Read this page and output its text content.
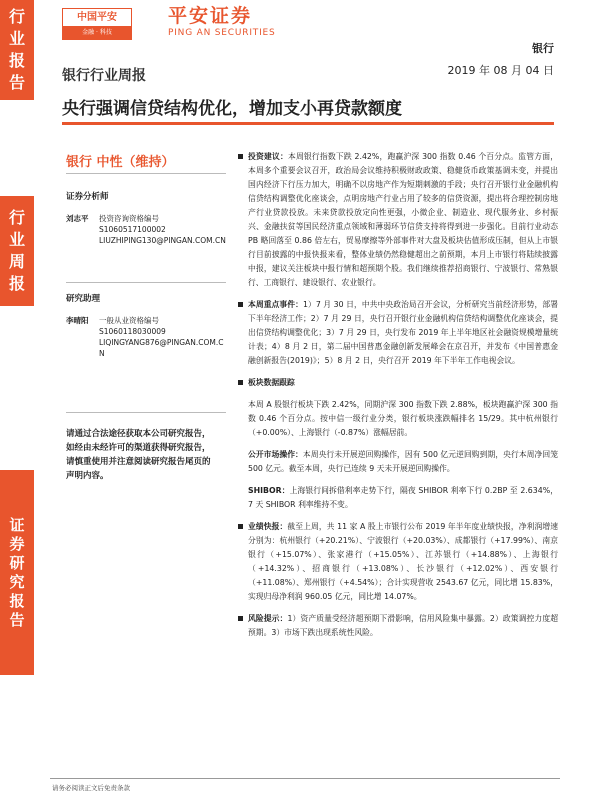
行
业
报
告
行
业
周
报
证
券
研
究
报
告
中国平安
金融 · 科技
平安证券
PING AN SECURITIES
银行
银行行业周报	2019 年 08 月 04 日
央行强调信贷结构优化，增加支小再贷款额度
银行 中性（维持）
证券分析师
刘志平	投资咨询资格编号
S1060517100002
LIUZHIPING130@PINGAN.COM.CN
研究助理
李晴阳	一般从业资格编号
S1060118030009
LIQINGYANG876@PINGAN.COM.C
N
请通过合法途径获取本公司研究报告，如经由未经许可的渠道获得研究报告，请慎重使用并注意阅读研究报告尾页的声明内容。
投资建议：本周银行指数下跌 2.42%，跑赢沪深 300 指数 0.46 个百分点。监管方面，本周多个重要会议召开，政治局会议维持积极财政政策、稳健货币政策基调未变，并提出国内经济下行压力加大，明确不以房地产作为短期刺激的手段；央行召开银行业金融机构信贷结构调整优化座谈会，点明房地产行业占用了较多的信贷资源，提出将合理控制房地产行业贷款投放。未来贷款投放定向性更强，小微企业、制造业、现代服务业、乡村振兴、金融扶贫等国民经济重点领域和薄弱环节信贷支持将得到进一步强化。目前行业动态 PB 略回落至 0.86 倍左右，贸易摩擦等外部事件对大盘及板块估值形成压制，但从上市银行目前披露的中报快报来看，整体业绩仍然稳健超出之前预期，本月上市银行将陆续披露中报，建议关注板块中报行情和超预期个股。我们继续推荐招商银行、宁波银行、常熟银行、工商银行、建设银行、农业银行。
本周重点事件：1）7 月 30 日，中共中央政治局召开会议，分析研究当前经济形势，部署下半年经济工作；2）7 月 29 日，央行召开银行业金融机构信贷结构调整优化座谈会，提出信贷结构调整优化；3）7 月 29 日，央行发布 2019 年上半年地区社会融资规模增量统计表；4）8 月 2 日，第二届中国普惠金融创新发展峰会在京召开，并发布《中国普惠金融创新报告(2019)》；5）8 月 2 日，央行召开 2019 年下半年工作电视会议。
板块数据跟踪
本周 A 股银行板块下跌 2.42%，同期沪深 300 指数下跌 2.88%，板块跑赢沪深 300 指数 0.46 个百分点。按中信一级行业分类，银行板块涨跌幅排名 15/29。其中杭州银行（+0.00%）、上海银行（-0.87%）涨幅居前。
公开市场操作：本周央行未开展逆回购操作，因有 500 亿元逆回购到期，央行本周净回笼 500 亿元。截至本周，央行已连续 9 天未开展逆回购操作。
SHIBOR：上海银行间拆借利率走势下行，隔夜 SHIBOR 利率下行 0.2BP 至 2.634%，7 天 SHIBOR 利率维持不变。
业绩快报：截至上周，共 11 家 A 股上市银行公布 2019 年半年度业绩快报，净利润增速分别为：杭州银行（+20.21%）、宁波银行（+20.03%）、成都银行（+17.99%）、南京银行（+15.07%）、张家港行（+15.05%）、江苏银行（+14.88%）、上海银行（+14.32%）、招商银行（+13.08%）、长沙银行（+12.02%）、西安银行（+11.08%）、郑州银行（+4.54%）；合计实现营收 2543.67 亿元，同比增 15.83%，实现归母净利润 960.05 亿元，同比增 14.07%。
风险提示：1）资产质量受经济超预期下滑影响，信用风险集中暴露。2）政策调控力度超预期。3）市场下跌出现系统性风险。
请务必阅读正文后免责条款
